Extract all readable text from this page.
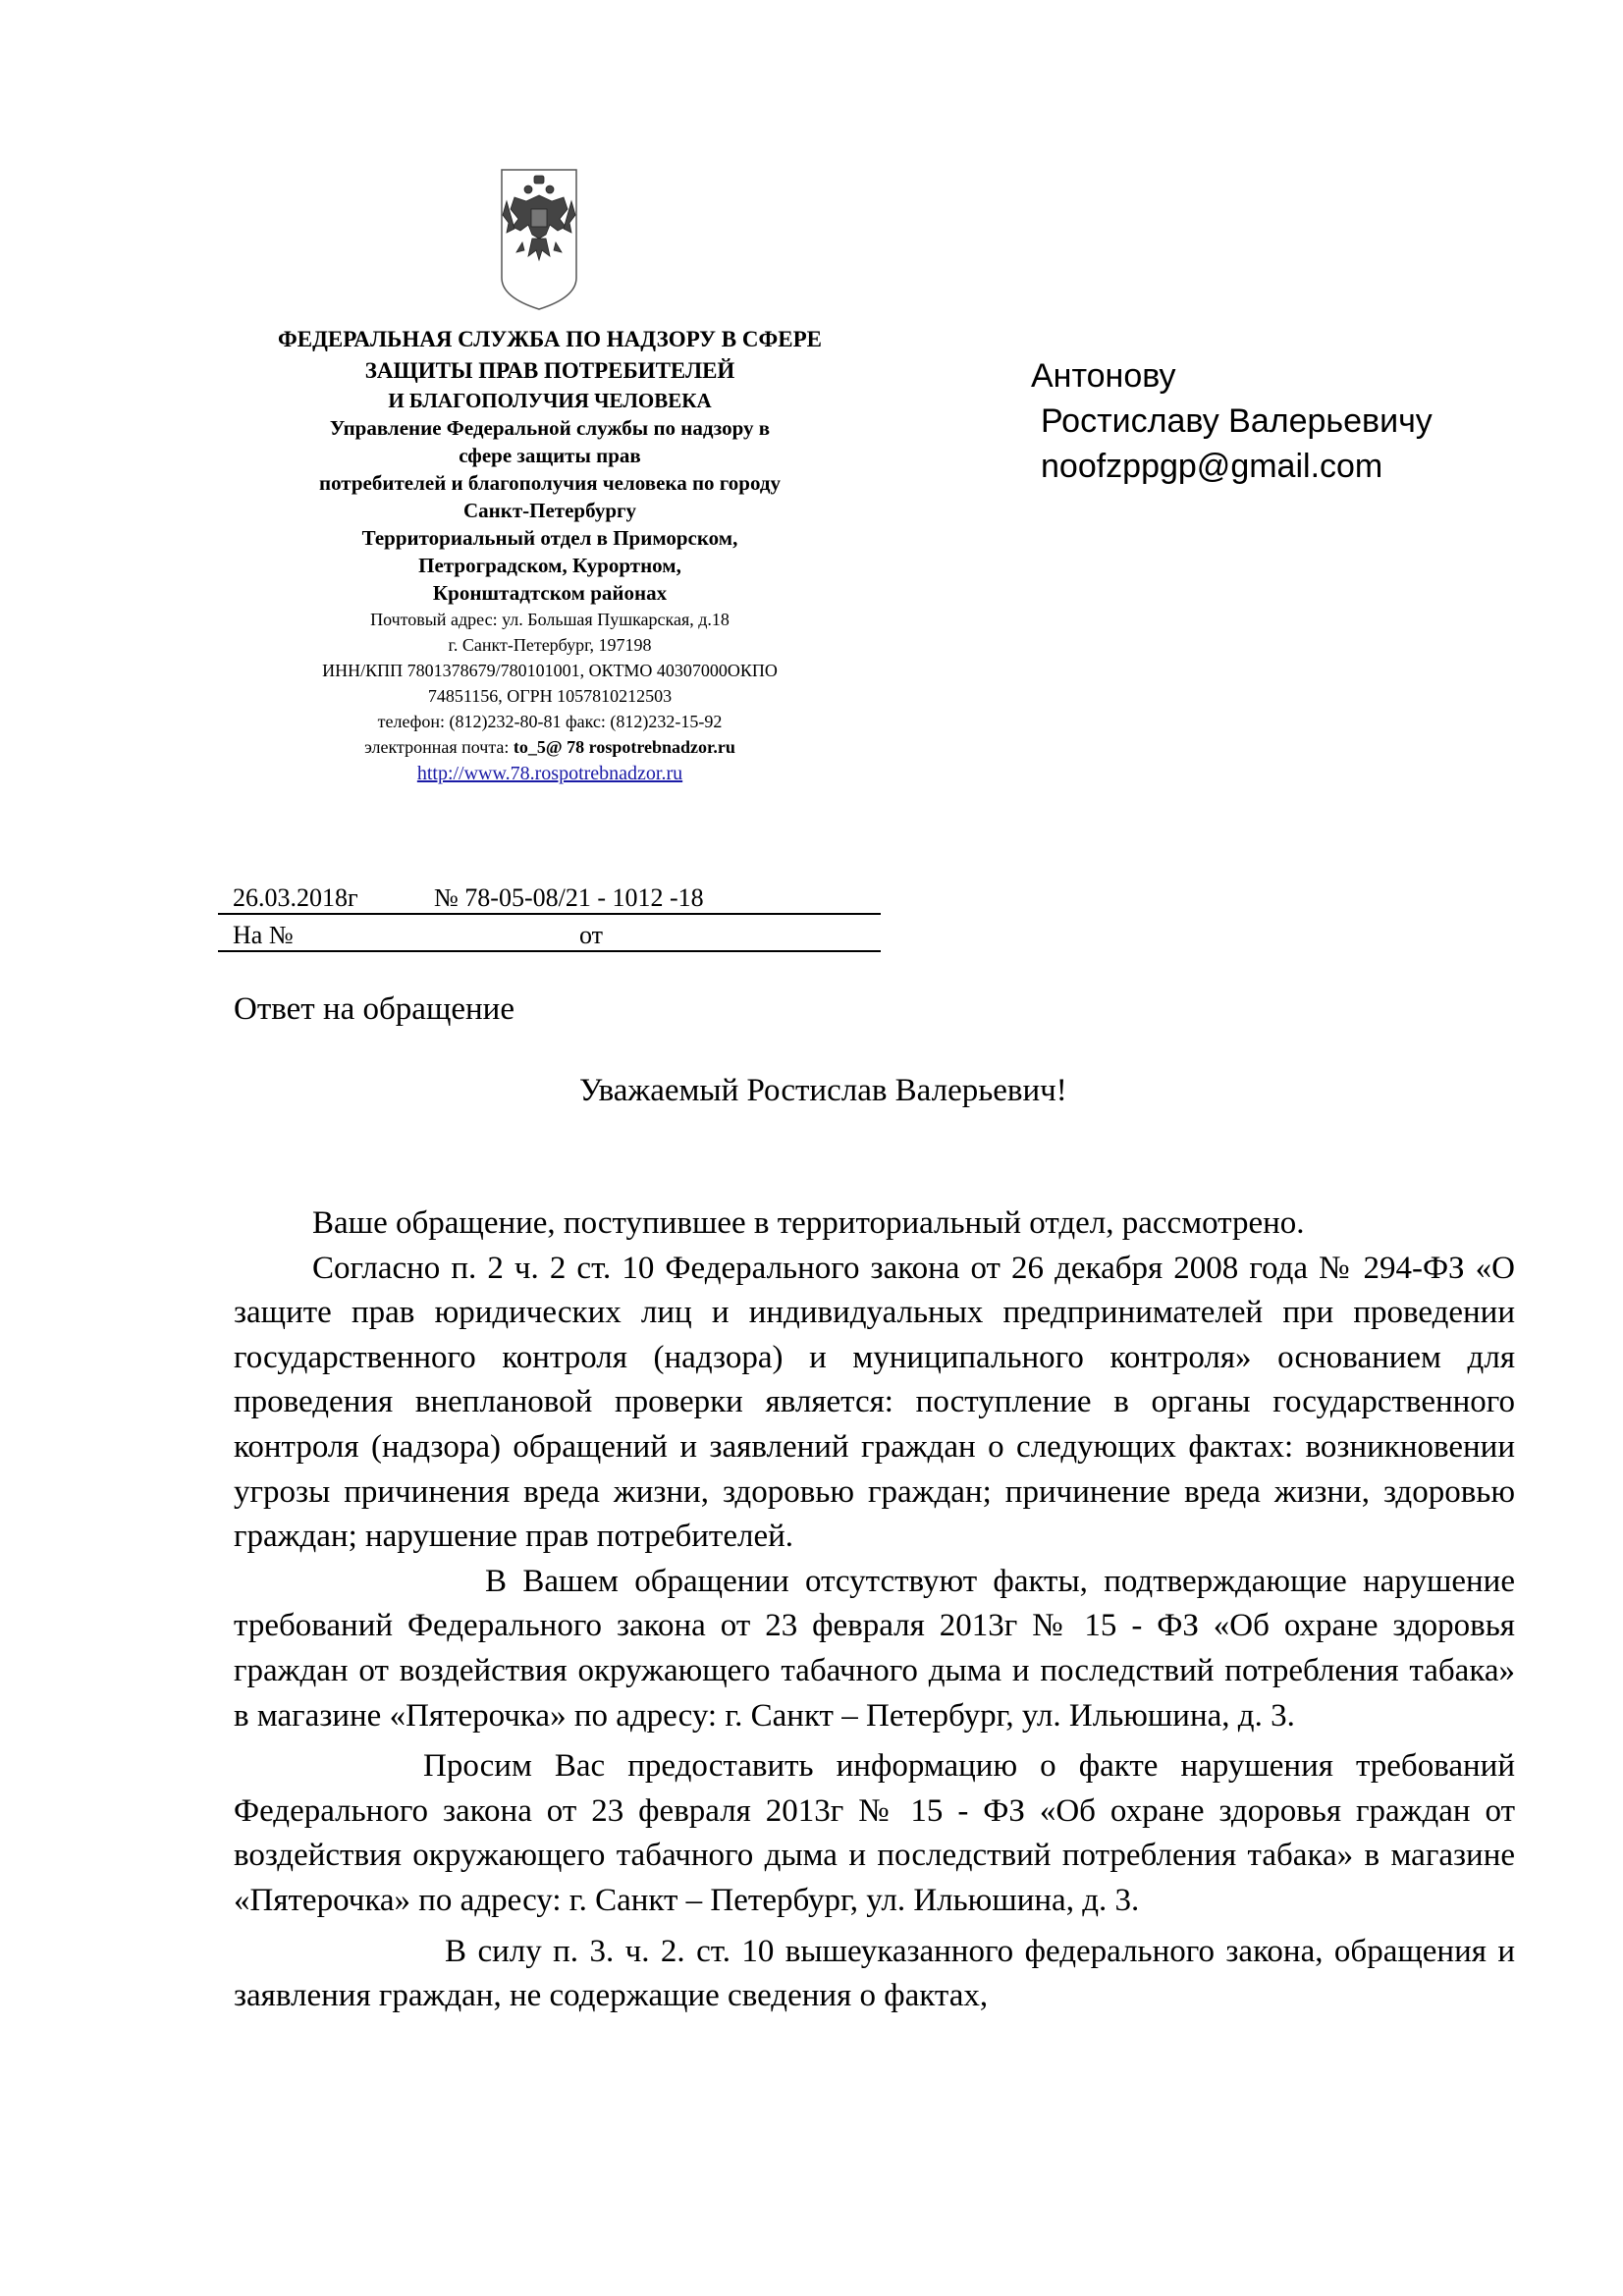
ФЕДЕРАЛЬНАЯ СЛУЖБА ПО НАДЗОРУ В СФЕРЕ
ЗАЩИТЫ ПРАВ ПОТРЕБИТЕЛЕЙ
И БЛАГОПОЛУЧИЯ ЧЕЛОВЕКА
Управление Федеральной службы по надзору в
сфере защиты прав
потребителей и благополучия человека по городу
Санкт-Петербургу
Территориальный отдел в Приморском,
Петроградском, Курортном,
Кронштадтском районах
Почтовый адрес: ул. Большая Пушкарская, д.18
г. Санкт-Петербург, 197198
ИНН/КПП 7801378679/780101001, ОКТМО 40307000ОКПО
74851156, ОГРН 1057810212503
телефон: (812)232-80-81 факс: (812)232-15-92
электронная почта: to_5@ 78 rospotrebnadzor.ru
http://www.78.rospotrebnadzor.ru
Антонову
Ростиславу Валерьевичу
noofzppgp@gmail.com
26.03.2018г	№ 78-05-08/21 - 1012 -18
На №	от
Ответ на обращение
Уважаемый Ростислав Валерьевич!

Ваше обращение, поступившее в территориальный отдел, рассмотрено.

Согласно п. 2 ч. 2 ст. 10 Федерального закона от 26 декабря 2008 года № 294-ФЗ «О защите прав юридических лиц и индивидуальных предпринимателей при проведении государственного контроля (надзора) и муниципального контроля» основанием для проведения внеплановой проверки является: поступление в органы государственного контроля (надзора) обращений и заявлений граждан о следующих фактах: возникновении угрозы причинения вреда жизни, здоровью граждан; причинение вреда жизни, здоровью граждан; нарушение прав потребителей.

В Вашем обращении отсутствуют факты, подтверждающие нарушение требований Федерального закона от 23 февраля 2013г № 15 - ФЗ «Об охране здоровья граждан от воздействия окружающего табачного дыма и последствий потребления табака» в магазине «Пятерочка» по адресу: г. Санкт – Петербург, ул. Ильюшина, д. 3.

Просим Вас предоставить информацию о факте нарушения требований Федерального закона от 23 февраля 2013г № 15 - ФЗ «Об охране здоровья граждан от воздействия окружающего табачного дыма и последствий потребления табака» в магазине «Пятерочка» по адресу: г. Санкт – Петербург, ул. Ильюшина, д. 3.

В силу п. 3. ч. 2. ст. 10 вышеуказанного федерального закона, обращения и заявления граждан, не содержащие сведения о фактах,
